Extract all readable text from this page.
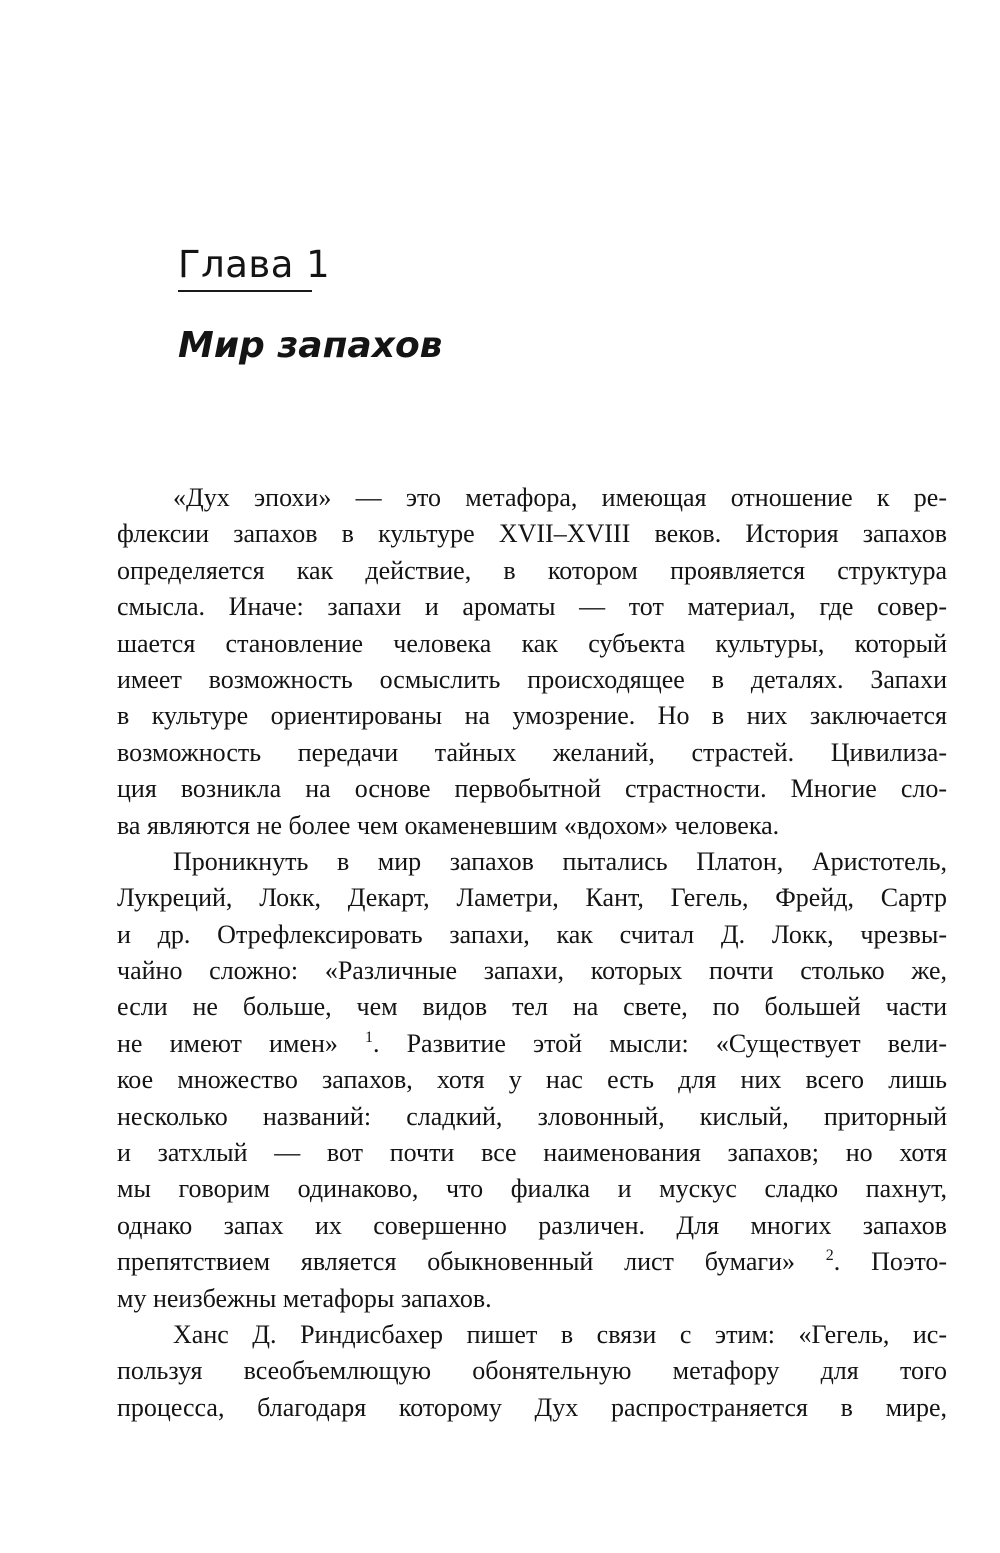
Глава 1
Мир запахов

«Дух эпохи» — это метафора, имеющая отношение к ре-
флексии запахов в культуре XVII–XVIII веков. История запахов
определяется как действие, в котором проявляется структура
смысла. Иначе: запахи и ароматы — тот материал, где совер-
шается становление человека как субъекта культуры, который
имеет возможность осмыслить происходящее в деталях. Запахи
в культуре ориентированы на умозрение. Но в них заключается
возможность передачи тайных желаний, страстей. Цивилиза-
ция возникла на основе первобытной страстности. Многие сло-
ва являются не более чем окаменевшим «вдохом» человека.

Проникнуть в мир запахов пытались Платон, Аристотель,
Лукреций, Локк, Декарт, Ламетри, Кант, Гегель, Фрейд, Сартр
и др. Отрефлексировать запахи, как считал Д. Локк, чрезвы-
чайно сложно: «Различные запахи, которых почти столько же,
если не больше, чем видов тел на свете, по большей части
не имеют имен» $^1$. Развитие этой мысли: «Существует вели-
кое множество запахов, хотя у нас есть для них всего лишь
несколько названий: сладкий, зловонный, кислый, приторный
и затхлый — вот почти все наименования запахов; но хотя
мы говорим одинаково, что фиалка и мускус сладко пахнут,
однако запах их совершенно различен. Для многих запахов
препятствием является обыкновенный лист бумаги» $^2$. Поэто-
му неизбежны метафоры запахов.

Ханс Д. Риндисбахер пишет в связи с этим: «Гегель, ис-
пользуя всеобъемлющую обонятельную метафору для того
процесса, благодаря которому Дух распространяется в мире,
